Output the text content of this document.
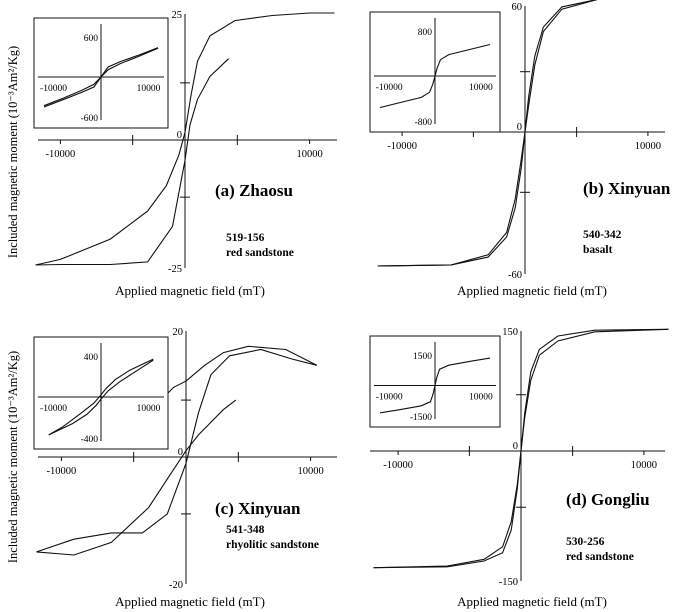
-10000	10000
25
0
-25
-10000	10000
600
-600
(a) Zhaosu
519-156
red sandstone
-10000	10000
60
0
-60
-10000	10000
800
-800
(b) Xinyuan
540-342
basalt
-10000	10000
20
0
-20
-10000	10000
400
-400
(c) Xinyuan
541-348
rhyolitic sandstone
-10000	10000
150
0
-150
-10000	10000
1500
-1500
(d) Gongliu
530-256
red sandstone
Included magnetic moment (10⁻³Am²/Kg)
Included magnetic moment (10⁻³Am²/Kg)
Applied magnetic field (mT)	Applied magnetic field (mT)
Applied magnetic field (mT)	Applied magnetic field (mT)
